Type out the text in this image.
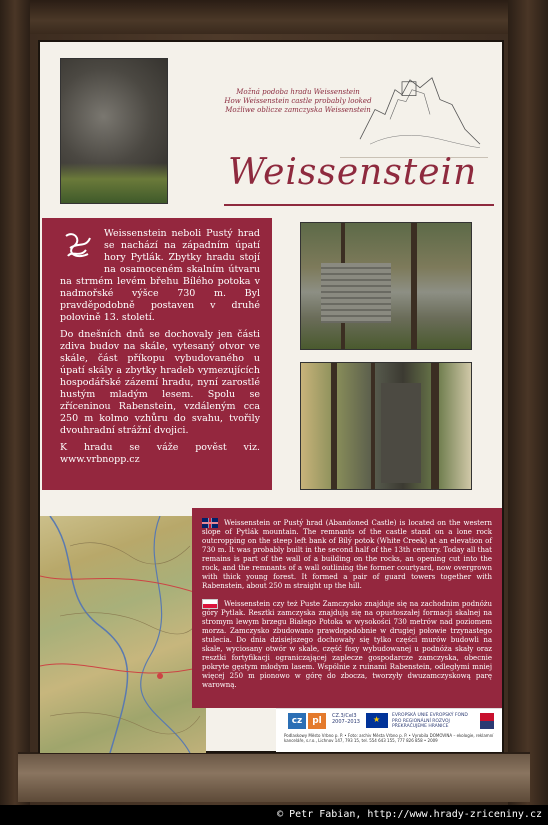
Možná podoba hradu Weissenstein
How Weissenstein castle probably looked
Możliwe oblicze zamczyska Weissenstein
Weissenstein

Weissenstein neboli Pustý hrad se nachází na západním úpatí hory Pytlák. Zbytky hradu stojí na osamoceném skalním útvaru na strmém levém břehu Bílého potoka v nadmořské výšce 730 m. Byl pravděpodobně postaven v druhé polovině 13. století.

Do dnešních dnů se dochovaly jen části zdiva budov na skále, vytesaný otvor ve skále, část příkopu vybudovaného u úpatí skály a zbytky hradeb vymezujících hospodářské zázemí hradu, nyní zarostlé hustým mladým lesem. Spolu se zříceninou Rabenstein, vzdáleným cca 250 m kolmo vzhůru do svahu, tvořily dvouhradní strážní dvojici.

K hradu se váže pověst viz. www.vrbnopp.cz

Weissenstein or Pustý hrad (Abandoned Castle) is located on the western slope of Pytlák mountain. The remnants of the castle stand on a lone rock outcropping on the steep left bank of Bílý potok (White Creek) at an elevation of 730 m. It was probably built in the second half of the 13th century. Today all that remains is part of the wall of a building on the rocks, an opening cut into the rock, and the remnants of a wall outlining the former courtyard, now overgrown with thick young forest. It formed a pair of guard towers together with Rabenstein, about 250 m straight up the hill.
Weissenstein czy też Puste Zamczysko znajduje się na zachodnim podnóżu góry Pytlak. Resztki zamczyska znajdują się na opustoszałej formacji skalnej na stromym lewym brzegu Białego Potoka w wysokości 730 metrów nad poziomem morza. Zamczysko zbudowano prawdopodobnie w drugiej połowie trzynastego stulecia. Do dnia dzisiejszego dochowały się tylko części murów budowli na skale, wyciosany otwór w skale, część fosy wybudowanej u podnóża skały oraz resztki fortyfikacji ograniczającej zaplecze gospodarcze zamczyska, obecnie pokryte gęstym młodym lasem. Wspólnie z ruinami Rabenstein, odległymi mniej więcej 250 m pionowo w górę do zbocza, tworzyły dwuzamczyskową parę warowną.
cz	pl	CZ.3/Cel3 2007–2013
★
EVROPSKÁ UNIE EVROPSKÝ FOND PRO REGIONÁLNÍ ROZVOJ PŘEKRAČUJEME HRANICE
Podlaskowy Město Vrbno p. P. • Foto: archiv Města Vrbno p. P. • Vyrobila DOMOVINA – ekologie, reklamní kanceláře, s.r.o., Lichnov 147, 793 15, tel. 554 643 155, 777 826 858 • 2009
© Petr Fabian, http://www.hrady-zriceniny.cz
